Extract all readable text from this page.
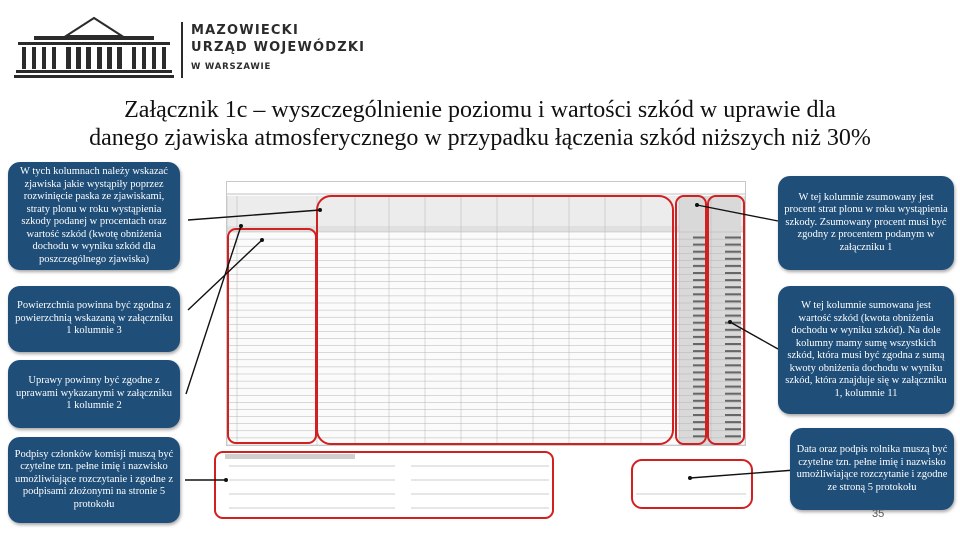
MAZOWIECKI
URZĄD WOJEWÓDZKI
W WARSZAWIE
Załącznik 1c – wyszczególnienie poziomu i wartości szkód w uprawie dla
danego zjawiska atmosferycznego w przypadku łączenia szkód niższych niż 30%
W tych kolumnach należy wskazać zjawiska jakie wystąpiły poprzez rozwinięcie paska ze zjawiskami, straty plonu w roku wystąpienia szkody podanej w procentach oraz wartość szkód (kwotę obniżenia dochodu w wyniku szkód dla poszczególnego zjawiska)
Powierzchnia powinna być zgodna z powierzchnią wskazaną w załączniku 1 kolumnie 3
Uprawy powinny być zgodne z uprawami wykazanymi w załączniku 1 kolumnie 2
Podpisy członków komisji muszą być czytelne tzn. pełne imię i nazwisko umożliwiające rozczytanie i zgodne z podpisami złożonymi na stronie 5 protokołu
W tej kolumnie zsumowany jest procent strat plonu w roku wystąpienia szkody. Zsumowany procent musi być zgodny z procentem podanym w załączniku 1
W tej kolumnie sumowana jest wartość szkód (kwota obniżenia dochodu w wyniku szkód). Na dole kolumny mamy sumę wszystkich szkód, która musi być zgodna z sumą kwoty obniżenia dochodu w wyniku szkód, która znajduje się w załączniku 1, kolumnie 11
Data oraz podpis rolnika muszą być czytelne tzn. pełne imię i nazwisko umożliwiające rozczytanie i zgodne ze stroną 5 protokołu
35
